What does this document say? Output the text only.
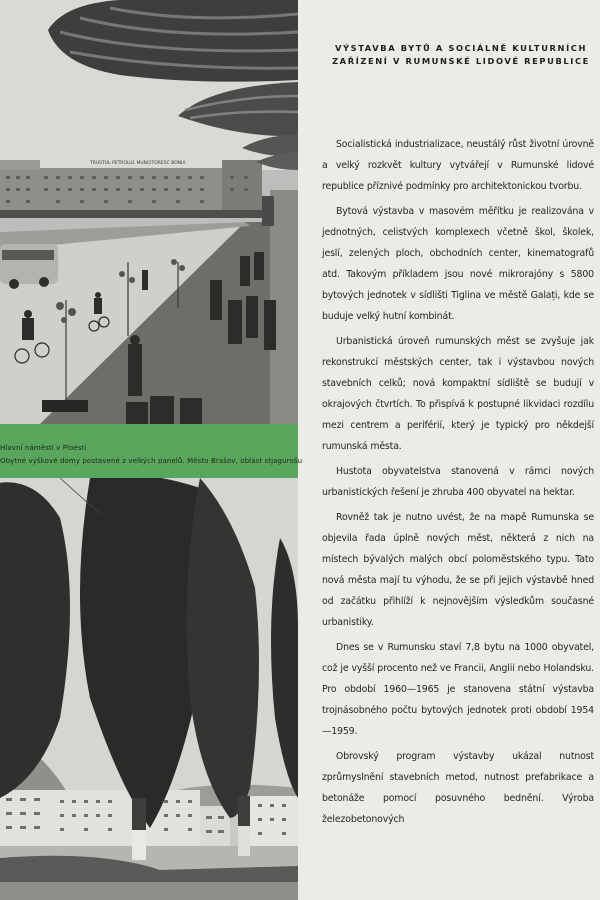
TRUSTUL PETROLUL MUNCITORESC BONIA
Hlavní náměstí v Ploesti
Obytné výškové domy postavené z velkých panelů. Město Brašov, oblast stjagurošu
VÝSTAVBA BYTŮ A SOCIÁLNĚ KULTURNÍCH
ZAŘÍZENÍ V RUMUNSKÉ LIDOVÉ REPUBLICE

Socialistická industrializace, neustálý růst životní úrovně a velký rozkvět kultury vytvářejí v Rumunské lidové republice příznivé podmínky pro architektonickou tvorbu.

Bytová výstavba v masovém měřítku je realizována v jednotných, celistvých komplexech včetně škol, školek, jeslí, zelených ploch, obchodních center, kinematografů atd. Takovým příkladem jsou nové mikrorajóny s 5800 bytových jednotek v sídlišti Tiglina ve městě Galați, kde se buduje velký hutní kombinát.

Urbanistická úroveň rumunských měst se zvyšuje jak rekonstrukcí městských center, tak i výstavbou nových stavebních celků; nová kompaktní sídliště se budují v okrajových čtvrtích. To přispívá k postupné likvidaci rozdílu mezi centrem a periférií, který je typický pro někdejší rumunská města.

Hustota obyvatelstva stanovená v rámci nových urbanistických řešení je zhruba 400 obyvatel na hektar.

Rovněž tak je nutno uvést, že na mapě Rumunska se objevila řada úplně nových měst, některá z nich na místech bývalých malých obcí poloměstského typu. Tato nová města mají tu výhodu, že se při jejich výstavbě hned od začátku přihlíží k nejnovějším výsledkům současné urbanistiky.

Dnes se v Rumunsku staví 7,8 bytu na 1000 obyvatel, což je vyšší procento než ve Francii, Anglii nebo Holandsku. Pro období 1960—1965 je stanovena státní výstavba trojnásobného počtu bytových jednotek proti období 1954—1959.

Obrovský program výstavby ukázal nutnost zprůmyslnění stavebních metod, nutnost prefabrikace a betonáže pomocí posuvného bednění. Výroba železobetonových
